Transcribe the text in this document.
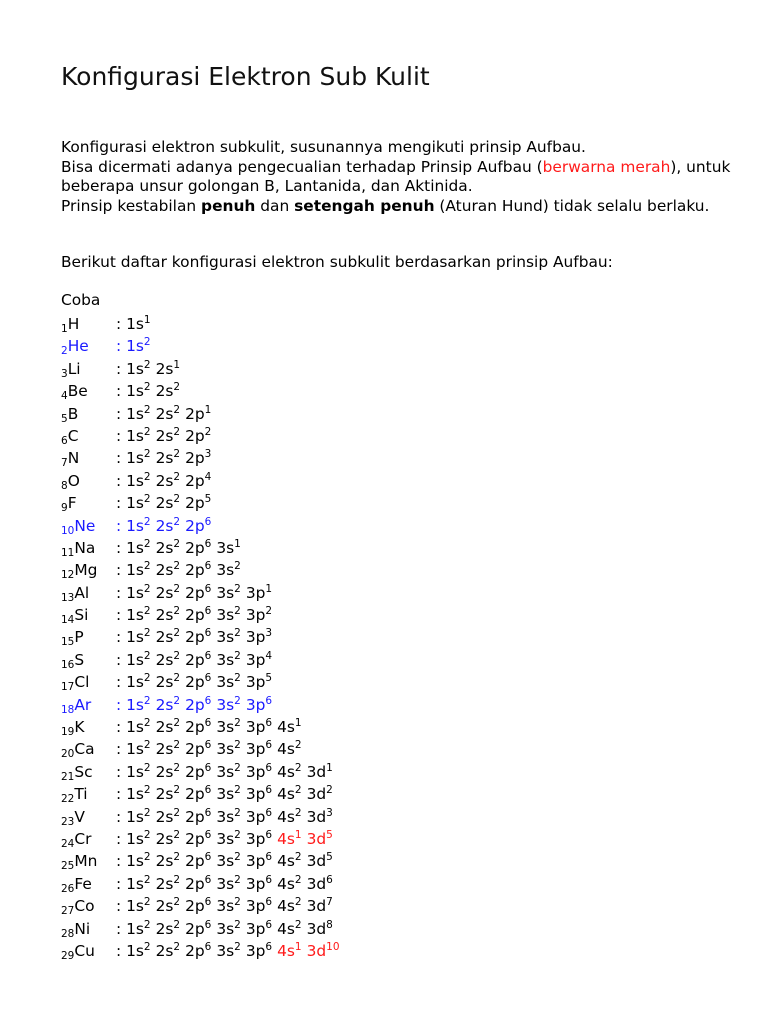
Konfigurasi Elektron Sub Kulit

Konfigurasi elektron subkulit, susunannya mengikuti prinsip Aufbau.

Bisa dicermati adanya pengecualian terhadap Prinsip Aufbau (berwarna merah), untuk beberapa unsur golongan B, Lantanida, dan Aktinida.

Prinsip kestabilan penuh dan setengah penuh (Aturan Hund) tidak selalu berlaku.

Berikut daftar konfigurasi elektron subkulit berdasarkan prinsip Aufbau:

Coba

$_1$H : $1s^1$
$_2$He : $1s^2$
$_3$Li : $1s^2$ $2s^1$
$_4$Be : $1s^2$ $2s^2$
$_5$B : $1s^2$ $2s^2$ $2p^1$
$_6$C : $1s^2$ $2s^2$ $2p^2$
$_7$N : $1s^2$ $2s^2$ $2p^3$
$_8$O : $1s^2$ $2s^2$ $2p^4$
$_9$F	: $1s^2$ $2s^2$ $2p^5$
$_{10}$Ne : $1s^2$ $2s^2$ $2p^6$
$_{11}$Na : $1s^2$ $2s^2$ $2p^6$ $3s^1$
$_{12}$Mg : $1s^2$ $2s^2$ $2p^6$ $3s^2$
$_{13}$Al : $1s^2$ $2s^2$ $2p^6$ $3s^2$ $3p^1$
$_{14}$Si : $1s^2$ $2s^2$ $2p^6$ $3s^2$ $3p^2$
$_{15}$P : $1s^2$ $2s^2$ $2p^6$ $3s^2$ $3p^3$
$_{16}$S : $1s^2$ $2s^2$ $2p^6$ $3s^2$ $3p^4$
$_{17}$Cl : $1s^2$ $2s^2$ $2p^6$ $3s^2$ $3p^5$
$_{18}$Ar : $1s^2$ $2s^2$ $2p^6$ $3s^2$ $3p^6$
$_{19}$K : $1s^2$ $2s^2$ $2p^6$ $3s^2$ $3p^6$ $4s^1$
$_{20}$Ca : $1s^2$ $2s^2$ $2p^6$ $3s^2$ $3p^6$ $4s^2$
$_{21}$Sc : $1s^2$ $2s^2$ $2p^6$ $3s^2$ $3p^6$ $4s^2$ $3d^1$
$_{22}$Ti : $1s^2$ $2s^2$ $2p^6$ $3s^2$ $3p^6$ $4s^2$ $3d^2$
$_{23}$V : $1s^2$ $2s^2$ $2p^6$ $3s^2$ $3p^6$ $4s^2$ $3d^3$
$_{24}$Cr : $1s^2$ $2s^2$ $2p^6$ $3s^2$ $3p^6$ $4s^1$ $3d^5$
$_{25}$Mn : $1s^2$ $2s^2$ $2p^6$ $3s^2$ $3p^6$ $4s^2$ $3d^5$
$_{26}$Fe : $1s^2$ $2s^2$ $2p^6$ $3s^2$ $3p^6$ $4s^2$ $3d^6$
$_{27}$Co : $1s^2$ $2s^2$ $2p^6$ $3s^2$ $3p^6$ $4s^2$ $3d^7$
$_{28}$Ni : $1s^2$ $2s^2$ $2p^6$ $3s^2$ $3p^6$ $4s^2$ $3d^8$
$_{29}$Cu : $1s^2$ $2s^2$ $2p^6$ $3s^2$ $3p^6$ $4s^1$ $3d^{10}$
